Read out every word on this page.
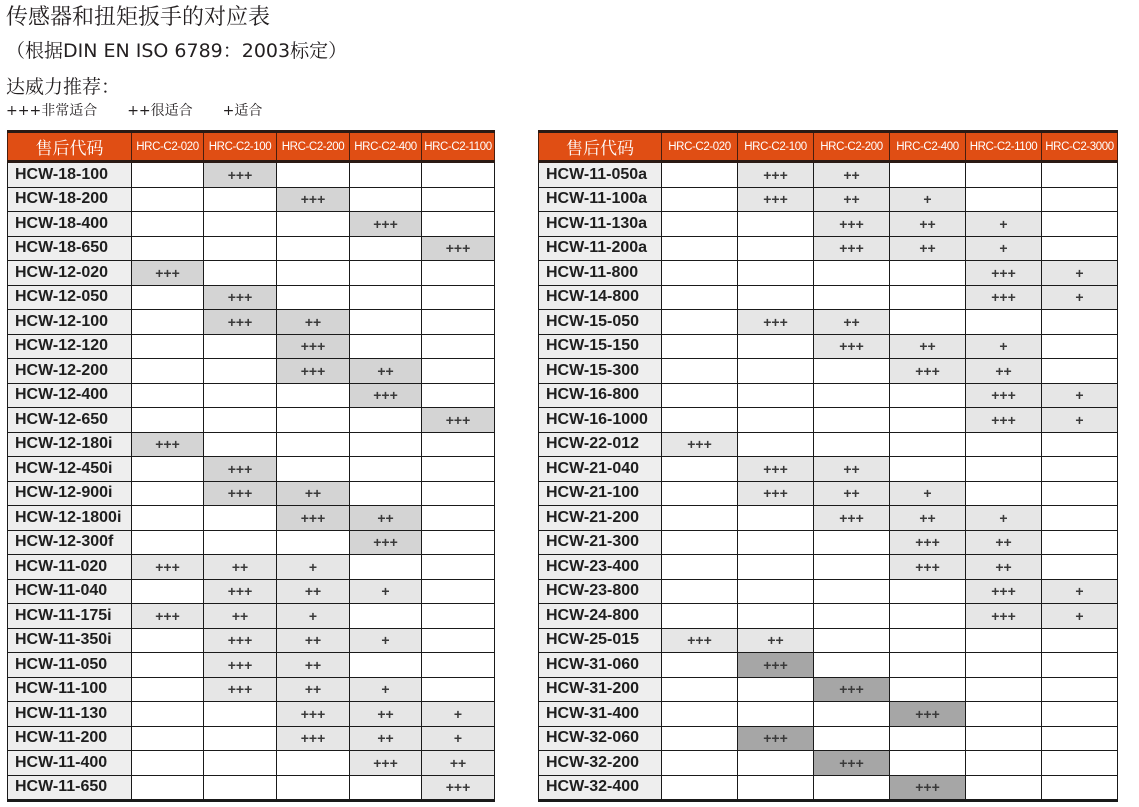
传感器和扭矩扳手的对应表
（根据DIN EN ISO 6789：2003标定）
达威力推荐：
+++非常适合 ++很适合 +适合
售后代码	HRC-C2-020	HRC-C2-100	HRC-C2-200	HRC-C2-400	HRC-C2-1100
HCW-18-100		+++			
HCW-18-200			+++		
HCW-18-400				+++	
HCW-18-650					+++
HCW-12-020	+++				
HCW-12-050		+++			
HCW-12-100		+++	++		
HCW-12-120			+++		
HCW-12-200			+++	++	
HCW-12-400				+++	
HCW-12-650					+++
HCW-12-180i	+++				
HCW-12-450i		+++			
HCW-12-900i		+++	++		
HCW-12-1800i			+++	++	
HCW-12-300f				+++	
HCW-11-020	+++	++	+		
HCW-11-040		+++	++	+	
HCW-11-175i	+++	++	+		
HCW-11-350i		+++	++	+	
HCW-11-050		+++	++		
HCW-11-100		+++	++	+	
HCW-11-130			+++	++	+
HCW-11-200			+++	++	+
HCW-11-400				+++	++
HCW-11-650					+++
售后代码	HRC-C2-020	HRC-C2-100	HRC-C2-200	HRC-C2-400	HRC-C2-1100	HRC-C2-3000
HCW-11-050a		+++	++			
HCW-11-100a		+++	++	+		
HCW-11-130a			+++	++	+	
HCW-11-200a			+++	++	+	
HCW-11-800					+++	+
HCW-14-800					+++	+
HCW-15-050		+++	++			
HCW-15-150			+++	++	+	
HCW-15-300				+++	++	
HCW-16-800					+++	+
HCW-16-1000					+++	+
HCW-22-012	+++					
HCW-21-040		+++	++			
HCW-21-100		+++	++	+		
HCW-21-200			+++	++	+	
HCW-21-300				+++	++	
HCW-23-400				+++	++	
HCW-23-800					+++	+
HCW-24-800					+++	+
HCW-25-015	+++	++				
HCW-31-060		+++				
HCW-31-200			+++			
HCW-31-400				+++		
HCW-32-060		+++				
HCW-32-200			+++			
HCW-32-400				+++		
